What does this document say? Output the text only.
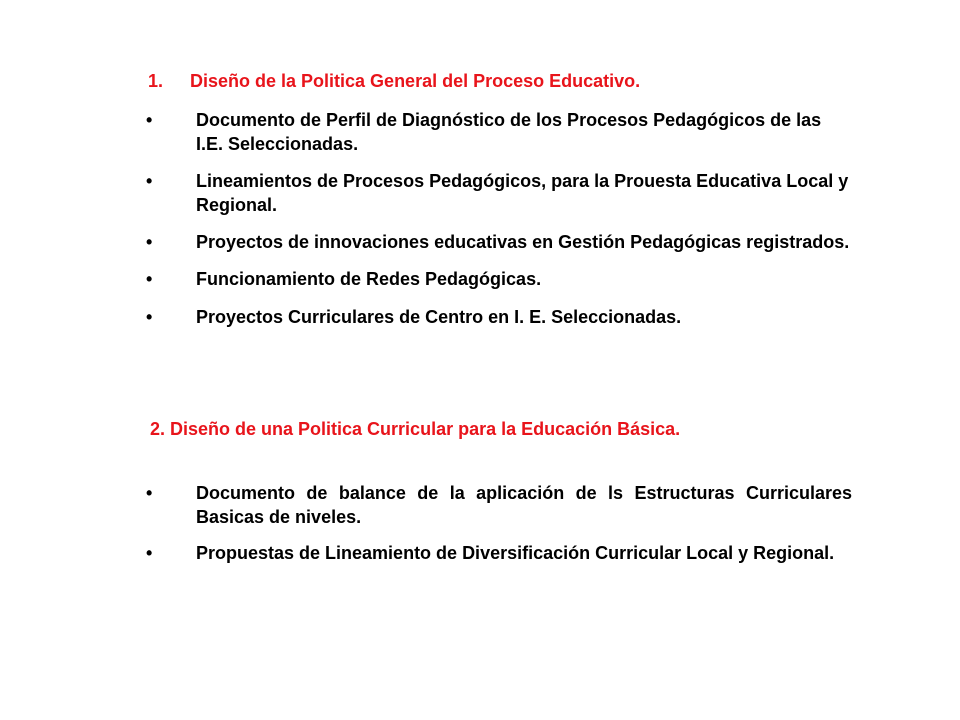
1. Diseño de la Politica General del Proceso Educativo.
•	Documento de Perfil de Diagnóstico de los Procesos Pedagógicos de las I.E. Seleccionadas.
•	Lineamientos de Procesos Pedagógicos, para la Prouesta Educativa Local y Regional.
•	Proyectos de innovaciones educativas en Gestión Pedagógicas registrados.
•	Funcionamiento de Redes Pedagógicas.
•	Proyectos Curriculares de Centro en I. E. Seleccionadas.
2. Diseño de una Politica Curricular para la Educación Básica.
•	Documento de balance de la aplicación de ls Estructuras Curriculares Basicas de niveles.
•	Propuestas de Lineamiento de Diversificación Curricular Local y Regional.
